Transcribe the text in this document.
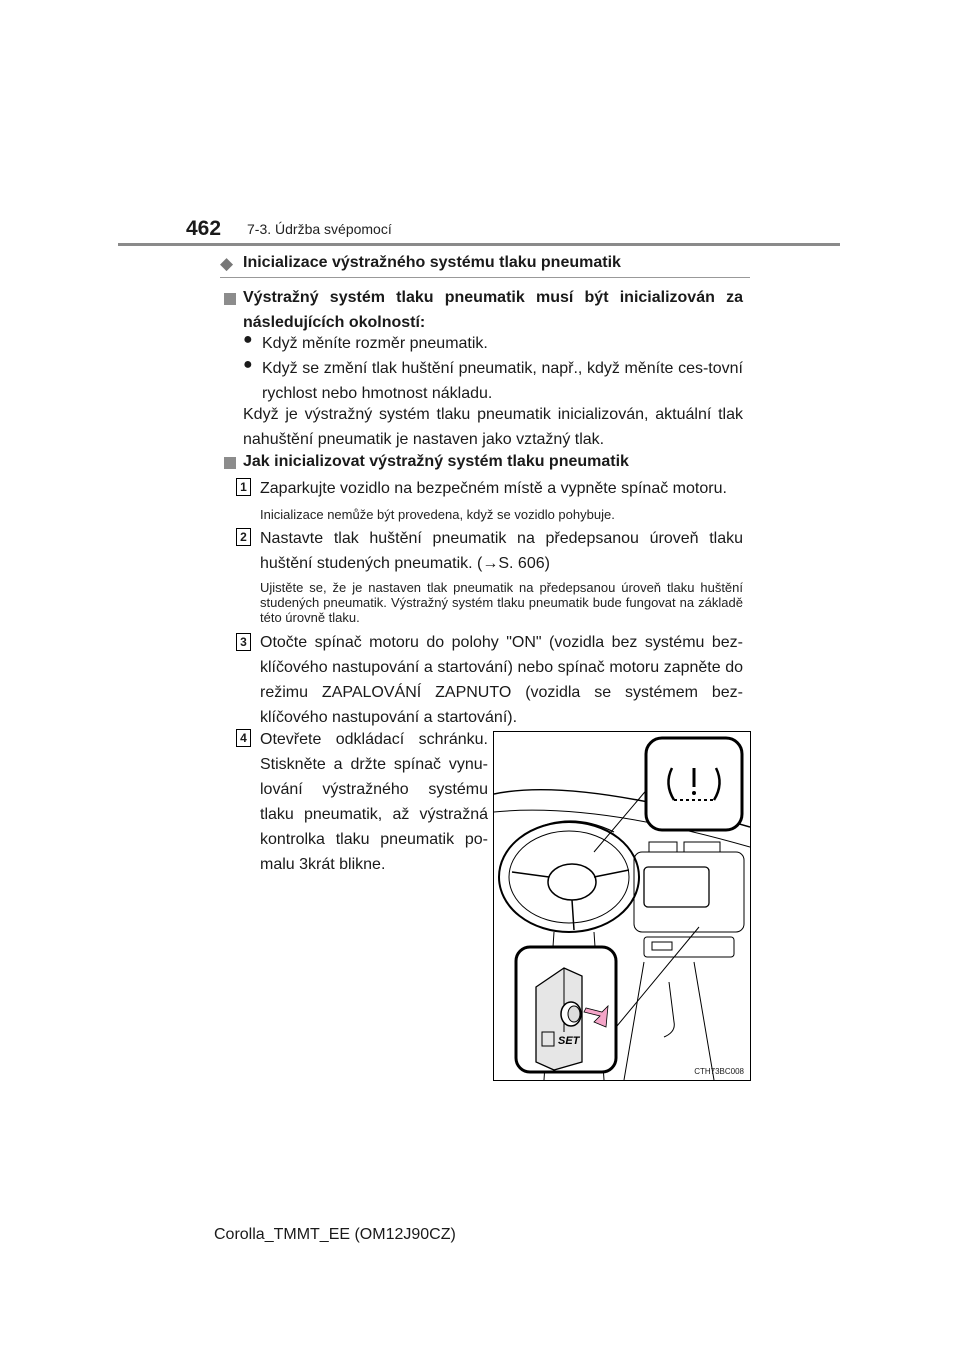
462 7-3. Údržba svépomocí
◆ Inicializace výstražného systému tlaku pneumatik
Výstražný systém tlaku pneumatik musí být inicializován za následujících okolností:
● Když měníte rozměr pneumatik.
● Když se změní tlak huštění pneumatik, např., když měníte ces-tovní rychlost nebo hmotnost nákladu.
Když je výstražný systém tlaku pneumatik inicializován, aktuální tlak nahuštění pneumatik je nastaven jako vztažný tlak.
Jak inicializovat výstražný systém tlaku pneumatik
1 Zaparkujte vozidlo na bezpečném místě a vypněte spínač motoru.
Inicializace nemůže být provedena, když se vozidlo pohybuje.
2 Nastavte tlak huštění pneumatik na předepsanou úroveň tlaku huštění studených pneumatik. (→S. 606)
Ujistěte se, že je nastaven tlak pneumatik na předepsanou úroveň tlaku huštění studených pneumatik. Výstražný systém tlaku pneumatik bude fungovat na základě této úrovně tlaku.
3 Otočte spínač motoru do polohy "ON" (vozidla bez systému bez-klíčového nastupování a startování) nebo spínač motoru zapněte do režimu ZAPALOVÁNÍ ZAPNUTO (vozidla se systémem bez-klíčového nastupování a startování).
4 Otevřete odkládací schránku. Stiskněte a držte spínač vynu-lování výstražného systému tlaku pneumatik, až výstražná kontrolka tlaku pneumatik po-malu 3krát blikne.
SET
CTH73BC008
Corolla_TMMT_EE (OM12J90CZ)
